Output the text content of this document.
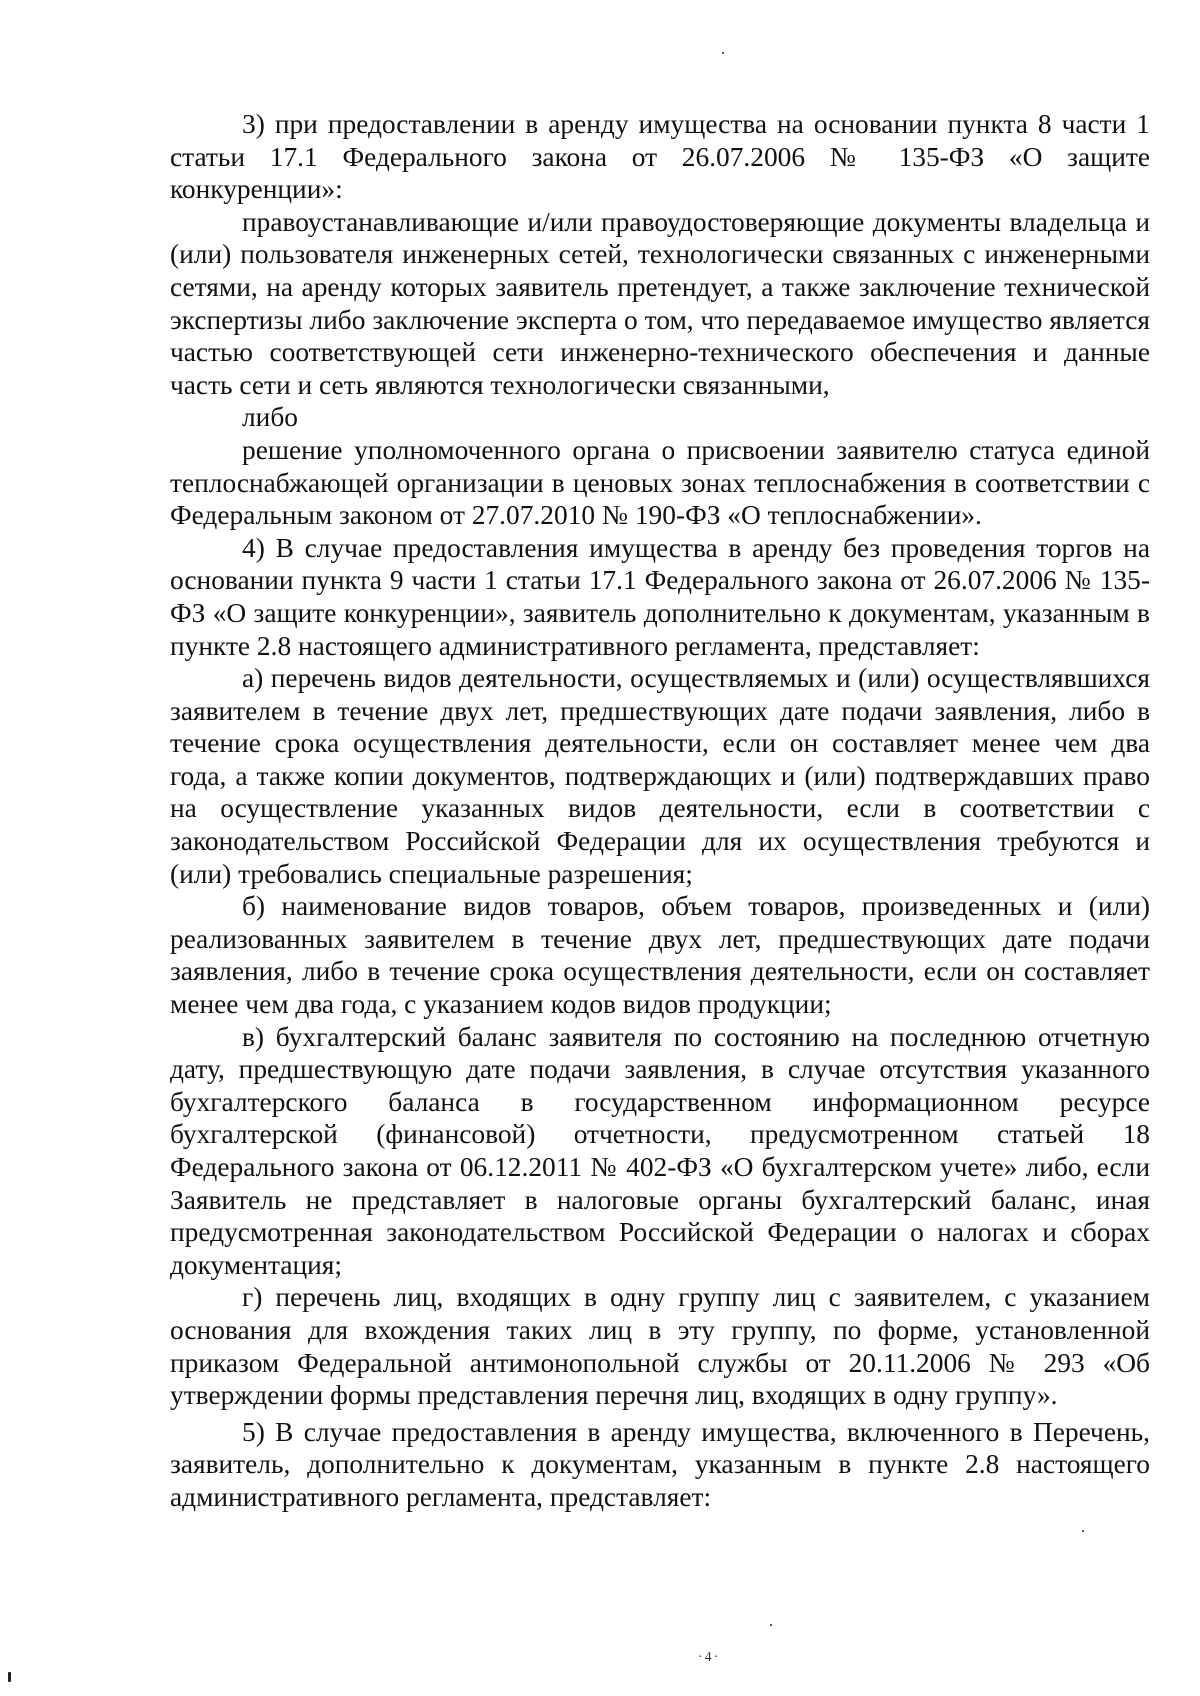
3) при предоставлении в аренду имущества на основании пункта 8 части 1 статьи 17.1 Федерального закона от 26.07.2006 № 135-ФЗ «О защите конкуренции»:

правоустанавливающие и/или правоудостоверяющие документы владельца и (или) пользователя инженерных сетей, технологически связанных с инженерными сетями, на аренду которых заявитель претендует, а также заключение технической экспертизы либо заключение эксперта о том, что передаваемое имущество является частью соответствующей сети инженерно-технического обеспечения и данные часть сети и сеть являются технологически связанными,

либо

решение уполномоченного органа о присвоении заявителю статуса единой теплоснабжающей организации в ценовых зонах теплоснабжения в соответствии с Федеральным законом от 27.07.2010 № 190-ФЗ «О теплоснабжении».

4) В случае предоставления имущества в аренду без проведения торгов на основании пункта 9 части 1 статьи 17.1 Федерального закона от 26.07.2006 № 135-ФЗ «О защите конкуренции», заявитель дополнительно к документам, указанным в пункте 2.8 настоящего административного регламента, представляет:

а) перечень видов деятельности, осуществляемых и (или) осуществлявшихся заявителем в течение двух лет, предшествующих дате подачи заявления, либо в течение срока осуществления деятельности, если он составляет менее чем два года, а также копии документов, подтверждающих и (или) подтверждавших право на осуществление указанных видов деятельности, если в соответствии с законодательством Российской Федерации для их осуществления требуются и (или) требовались специальные разрешения;

б) наименование видов товаров, объем товаров, произведенных и (или) реализованных заявителем в течение двух лет, предшествующих дате подачи заявления, либо в течение срока осуществления деятельности, если он составляет менее чем два года, с указанием кодов видов продукции;

в) бухгалтерский баланс заявителя по состоянию на последнюю отчетную дату, предшествующую дате подачи заявления, в случае отсутствия указанного бухгалтерского баланса в государственном информационном ресурсе бухгалтерской (финансовой) отчетности, предусмотренном статьей 18 Федерального закона от 06.12.2011 № 402-ФЗ «О бухгалтерском учете» либо, если Заявитель не представляет в налоговые органы бухгалтерский баланс, иная предусмотренная законодательством Российской Федерации о налогах и сборах документация;

г) перечень лиц, входящих в одну группу лиц с заявителем, с указанием основания для вхождения таких лиц в эту группу, по форме, установленной приказом Федеральной антимонопольной службы от 20.11.2006 № 293 «Об утверждении формы представления перечня лиц, входящих в одну группу».

5) В случае предоставления в аренду имущества, включенного в Перечень, заявитель, дополнительно к документам, указанным в пункте 2.8 настоящего административного регламента, представляет:

·4·
